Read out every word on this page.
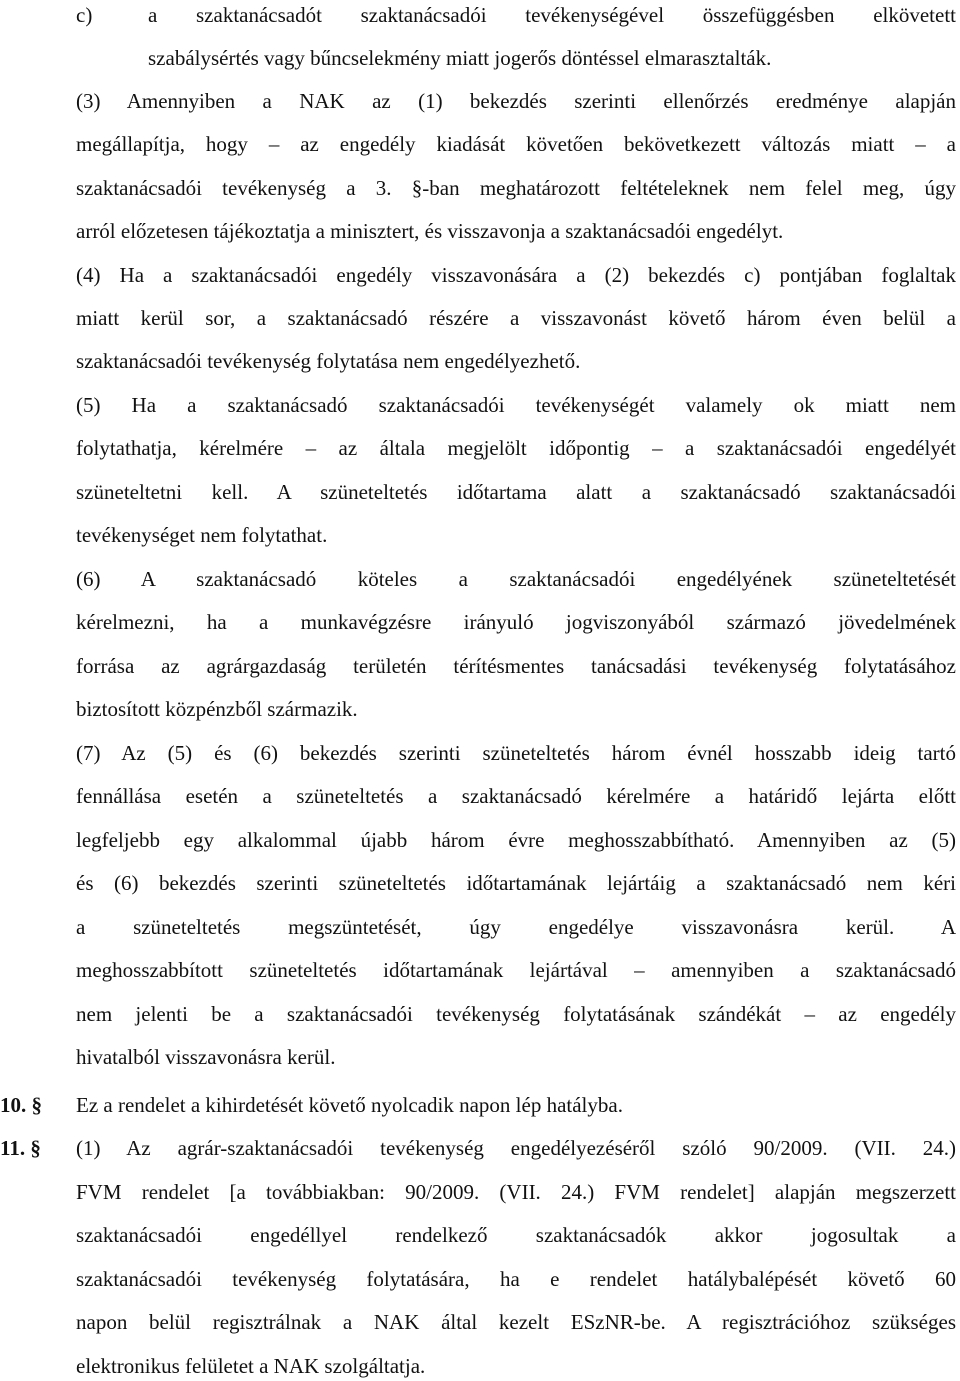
c)	a szaktanácsadót szaktanácsadói tevékenységével összefüggésben elkövetett
szabálysértés vagy bűncselekmény miatt jogerős döntéssel elmarasztalták.
(3) Amennyiben a NAK az (1) bekezdés szerinti ellenőrzés eredménye alapján
megállapítja, hogy – az engedély kiadását követően bekövetkezett változás miatt – a
szaktanácsadói tevékenység a 3. §-ban meghatározott feltételeknek nem felel meg, úgy
arról előzetesen tájékoztatja a minisztert, és visszavonja a szaktanácsadói engedélyt.
(4) Ha a szaktanácsadói engedély visszavonására a (2) bekezdés c) pontjában foglaltak
miatt kerül sor, a szaktanácsadó részére a visszavonást követő három éven belül a
szaktanácsadói tevékenység folytatása nem engedélyezhető.
(5) Ha a szaktanácsadó szaktanácsadói tevékenységét valamely ok miatt nem
folytathatja, kérelmére – az általa megjelölt időpontig – a szaktanácsadói engedélyét
szüneteltetni kell. A szüneteltetés időtartama alatt a szaktanácsadó szaktanácsadói
tevékenységet nem folytathat.
(6) A szaktanácsadó köteles a szaktanácsadói engedélyének szüneteltetését
kérelmezni, ha a munkavégzésre irányuló jogviszonyából származó jövedelmének
forrása az agrárgazdaság területén térítésmentes tanácsadási tevékenység folytatásához
biztosított közpénzből származik.
(7) Az (5) és (6) bekezdés szerinti szüneteltetés három évnél hosszabb ideig tartó
fennállása esetén a szüneteltetés a szaktanácsadó kérelmére a határidő lejárta előtt
legfeljebb egy alkalommal újabb három évre meghosszabbítható. Amennyiben az (5)
és (6) bekezdés szerinti szüneteltetés időtartamának lejártáig a szaktanácsadó nem kéri
a szüneteltetés megszüntetését, úgy engedélye visszavonásra kerül. A
meghosszabbított szüneteltetés időtartamának lejártával – amennyiben a szaktanácsadó
nem jelenti be a szaktanácsadói tevékenység folytatásának szándékát – az engedély
hivatalból visszavonásra kerül.
10. §	Ez a rendelet a kihirdetését követő nyolcadik napon lép hatályba.
11. §	(1) Az agrár-szaktanácsadói tevékenység engedélyezéséről szóló 90/2009. (VII. 24.)
FVM rendelet [a továbbiakban: 90/2009. (VII. 24.) FVM rendelet] alapján megszerzett
szaktanácsadói engedéllyel rendelkező szaktanácsadók akkor jogosultak a
szaktanácsadói tevékenység folytatására, ha e rendelet hatálybalépését követő 60
napon belül regisztrálnak a NAK által kezelt ESzNR-be. A regisztrációhoz szükséges
elektronikus felületet a NAK szolgáltatja.
